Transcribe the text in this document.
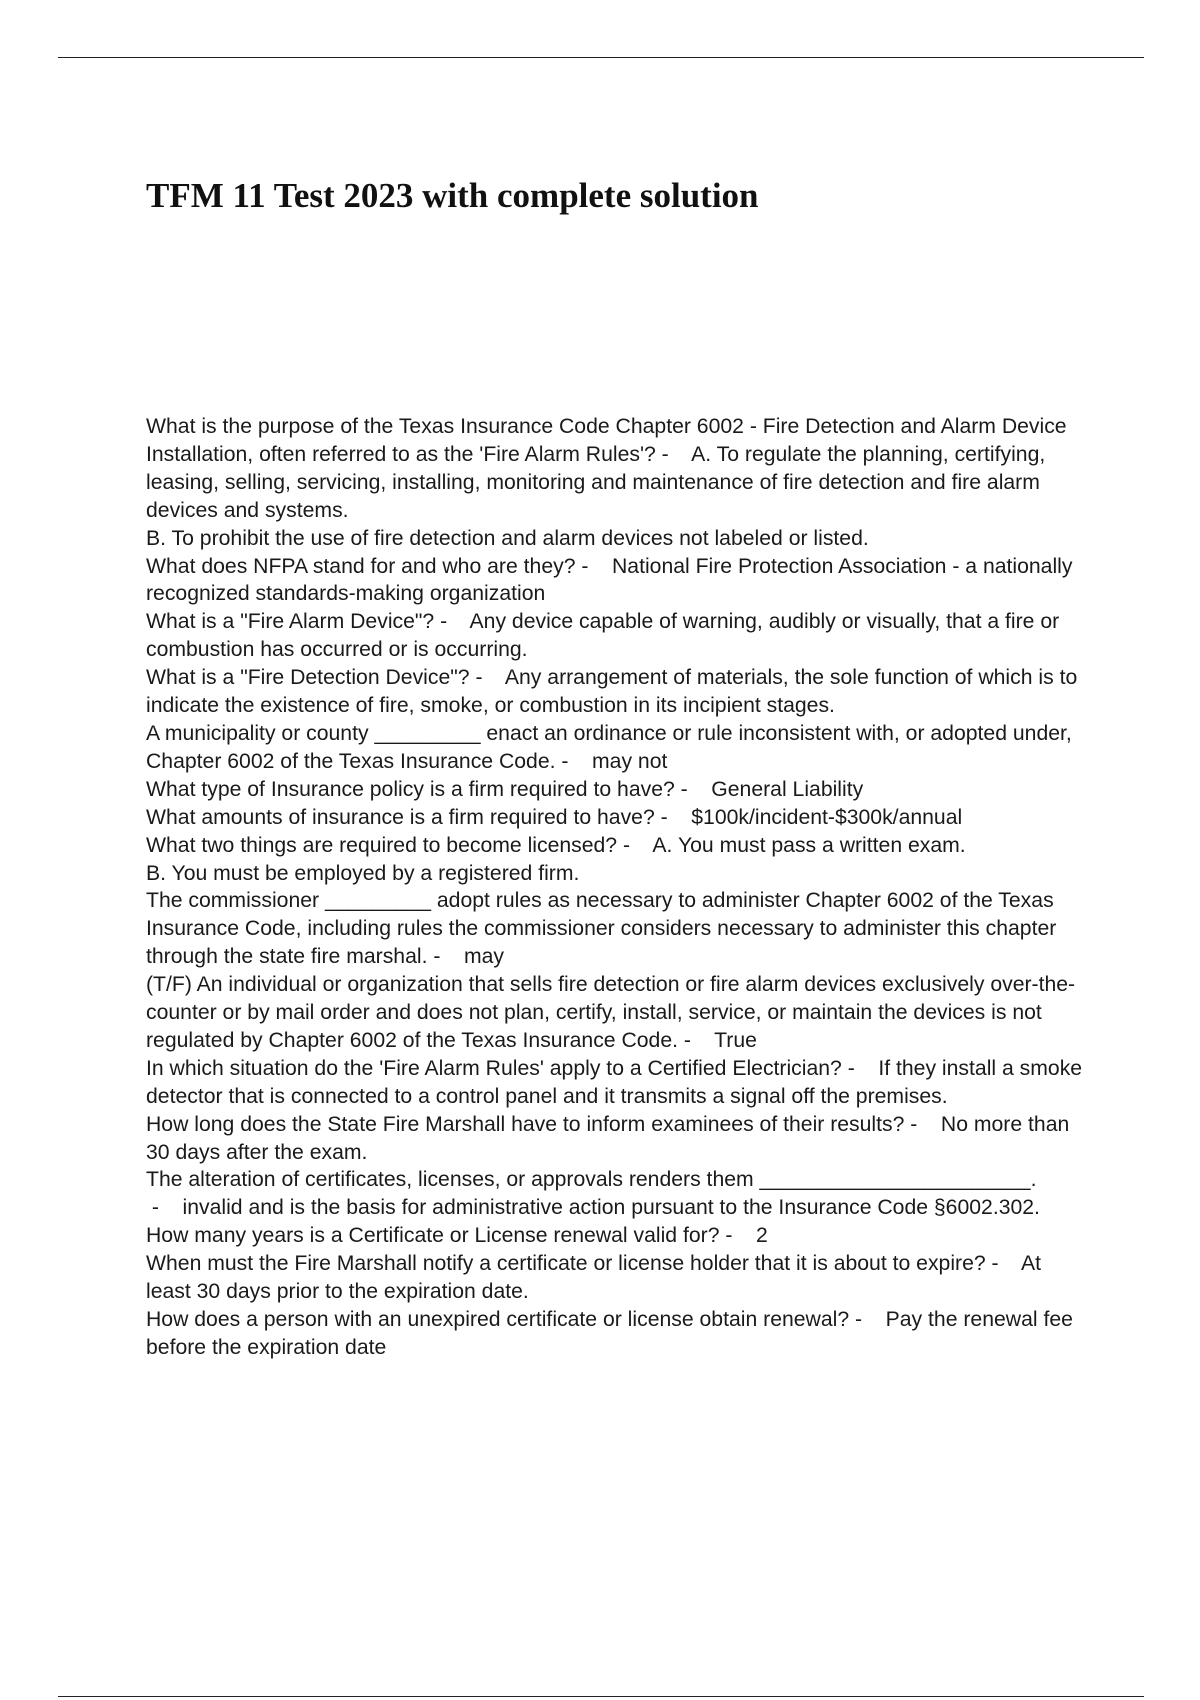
TFM 11 Test 2023 with complete solution

What is the purpose of the Texas Insurance Code Chapter 6002 - Fire Detection and Alarm Device Installation, often referred to as the 'Fire Alarm Rules'? -    A. To regulate the planning, certifying, leasing, selling, servicing, installing, monitoring and maintenance of fire detection and fire alarm devices and systems.
B. To prohibit the use of fire detection and alarm devices not labeled or listed.

What does NFPA stand for and who are they? -    National Fire Protection Association - a nationally recognized standards-making organization

What is a "Fire Alarm Device"? -    Any device capable of warning, audibly or visually, that a fire or combustion has occurred or is occurring.

What is a "Fire Detection Device"? -    Any arrangement of materials, the sole function of which is to indicate the existence of fire, smoke, or combustion in its incipient stages.

A municipality or county _________ enact an ordinance or rule inconsistent with, or adopted under, Chapter 6002 of the Texas Insurance Code. -    may not

What type of Insurance policy is a firm required to have? -    General Liability

What amounts of insurance is a firm required to have? -    $100k/incident-$300k/annual

What two things are required to become licensed? -    A. You must pass a written exam.
B. You must be employed by a registered firm.

The commissioner _________ adopt rules as necessary to administer Chapter 6002 of the Texas Insurance Code, including rules the commissioner considers necessary to administer this chapter through the state fire marshal. -    may

(T/F) An individual or organization that sells fire detection or fire alarm devices exclusively over-the-counter or by mail order and does not plan, certify, install, service, or maintain the devices is not regulated by Chapter 6002 of the Texas Insurance Code. -    True

In which situation do the 'Fire Alarm Rules' apply to a Certified Electrician? -    If they install a smoke detector that is connected to a control panel and it transmits a signal off the premises.

How long does the State Fire Marshall have to inform examinees of their results? -    No more than 30 days after the exam.

The alteration of certificates, licenses, or approvals renders them _______________________. -    invalid and is the basis for administrative action pursuant to the Insurance Code §6002.302.

How many years is a Certificate or License renewal valid for? -    2

When must the Fire Marshall notify a certificate or license holder that it is about to expire? -    At least 30 days prior to the expiration date.

How does a person with an unexpired certificate or license obtain renewal? -    Pay the renewal fee before the expiration date
